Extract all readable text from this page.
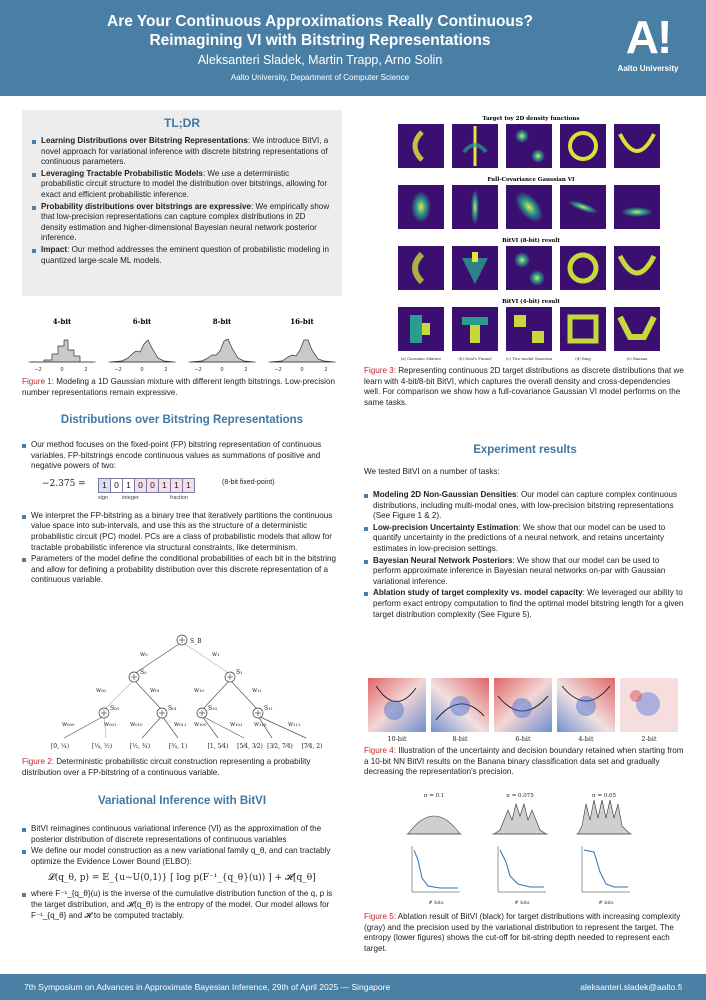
Are Your Continuous Approximations Really Continuous?
Reimagining VI with Bitstring Representations
Aleksanteri Sladek, Martin Trapp, Arno Solin
Aalto University, Department of Computer Science
A!
Aalto University
TL;DR
Learning Distributions over Bitstring Representations: We introduce BitVI, a novel approach for variational inference with discrete bitstring representations of continuous parameters.
Leveraging Tractable Probabilistic Models: We use a deterministic probabilistic circuit structure to model the distribution over bitstrings, allowing for exact and efficient probabilistic inference.
Probability distributions over bitstrings are expressive: We empirically show that low-precision representations can capture complex distributions in 2D density estimation and higher-dimensional Bayesian neural network posterior inference.
Impact: Our method addresses the eminent question of probabilistic modeling in quantized large-scale ML models.
4-bit	6-bit	8-bit	16-bit
−2	0	2	−2	0	2	−2	0	2	−2	0	2
Figure 1: Modeling a 1D Gaussian mixture with different length bitstrings. Low-precision number representations remain expressive.
Distributions over Bitstring Representations
Our method focuses on the fixed-point (FP) bitstring representation of continuous variables. FP-bitstrings encode continuous values as summations of positive and negative powers of two:
−2.375 =	1 0 1 0 0 1 1 1	(8-bit fixed-point)
sign	integer	fraction
We interpret the FP-bitstring as a binary tree that iteratively partitions the continuous value space into sub-intervals, and use this as the structure of a deterministic probabilistic circuit (PC) model. PCs are a class of probabilistic models that allow for tractable probabilistic inference via structural constraints, like determinism.
Parameters of the model define the conditional probabilities of each bit in the bitstring and allow for defining a probability distribution over this discrete representation of a continuous variable.
S_B
S₀	S₁
S₀₀	S₀₁	S₁₀	S₁₁
w₀	w₁
w₀₀	w₀₁	w₁₀	w₁₁
w₀₀₀	w₀₀₁ w₀₁₀	w₀₁₁ w₁₀₀	w₁₀₁ w₁₁₀	w₁₁₁
[0, ¼)	[¼, ½)	[½, ¾)	[¾, 1)	[1, 5⁄4) [5⁄4, 3⁄2) [3⁄2, 7⁄4) [7⁄4, 2)
Figure 2: Deterministic probabilistic circuit construction representing a probability distribution over a FP-bitstring of a continuous variable.
Variational Inference with BitVI
BitVI reimagines continuous variational inference (VI) as the approximation of the posterior distribution of discrete representations of continuous variables
We define our model construction as a new variational family q_θ, and can tractably optimize the Evidence Lower Bound (ELBO):
𝓛(q_θ, p) = 𝔼_{u∼U(0,1)} [ log p(F⁻¹_{q_θ}(u)) ] + 𝓗[q_θ]
where F⁻¹_{q_θ}(u) is the inverse of the cumulative distribution function of the q, p is the target distribution, and 𝓗(q_θ) is the entropy of the model. Our model allows for F⁻¹_{q_θ} and 𝓗 to be computed tractably.
Target toy 2D density functions
Full-Covariance Gaussian VI
BitVI (8-bit) result
BitVI (4-bit) result
(a) Gaussian Mixture	(b) Neal's Funnel	(c) Two-modal Gaussian	(d) Ring	(e) Banana
Figure 3: Representing continuous 2D target distributions as discrete distributions that we learn with 4-bit/8-bit BitVI, which captures the overall density and cross-dependencies well. For comparison we show how a full-covariance Gaussian VI model performs on the same tasks.
Experiment results
We tested BitVI on a number of tasks:
Modeling 2D Non-Gaussian Densities: Our model can capture complex continuous distributions, including multi-modal ones, with low-precision bitstring representations (See Figure 1 & 2).
Low-precision Uncertainty Estimation: We show that our model can be used to quantify uncertainty in the predictions of a neural network, and retains uncertainty estimates in low-precision settings.
Bayesian Neural Network Posteriors: We show that our model can be used to perform approximate inference in Bayesian neural networks on-par with Gaussian variational inference.
Ablation study of target complexity vs. model capacity: We leveraged our ability to perform exact entropy computation to find the optimal model bitstring length for a given target distribution complexity (See Figure 5).
10-bit	8-bit	6-bit	4-bit	2-bit
Figure 4: Illustration of the uncertainty and decision boundary retained when starting from a 10-bit NN BitVI results on the Banana binary classification data set and gradually decreasing the representation's precision.
σ = 0.1	σ = 0.075	σ = 0.05
# bits	# bits	# bits
Figure 5: Ablation result of BitVI (black) for target distributions with increasing complexity (gray) and the precision used by the variational distribution to represent the target. The entropy (lower figures) shows the cut-off for bit-string depth needed to represent each target.
7th Symposium on Advances in Approximate Bayesian Inference, 29th of April 2025 — Singapore	aleksanteri.sladek@aalto.fi
